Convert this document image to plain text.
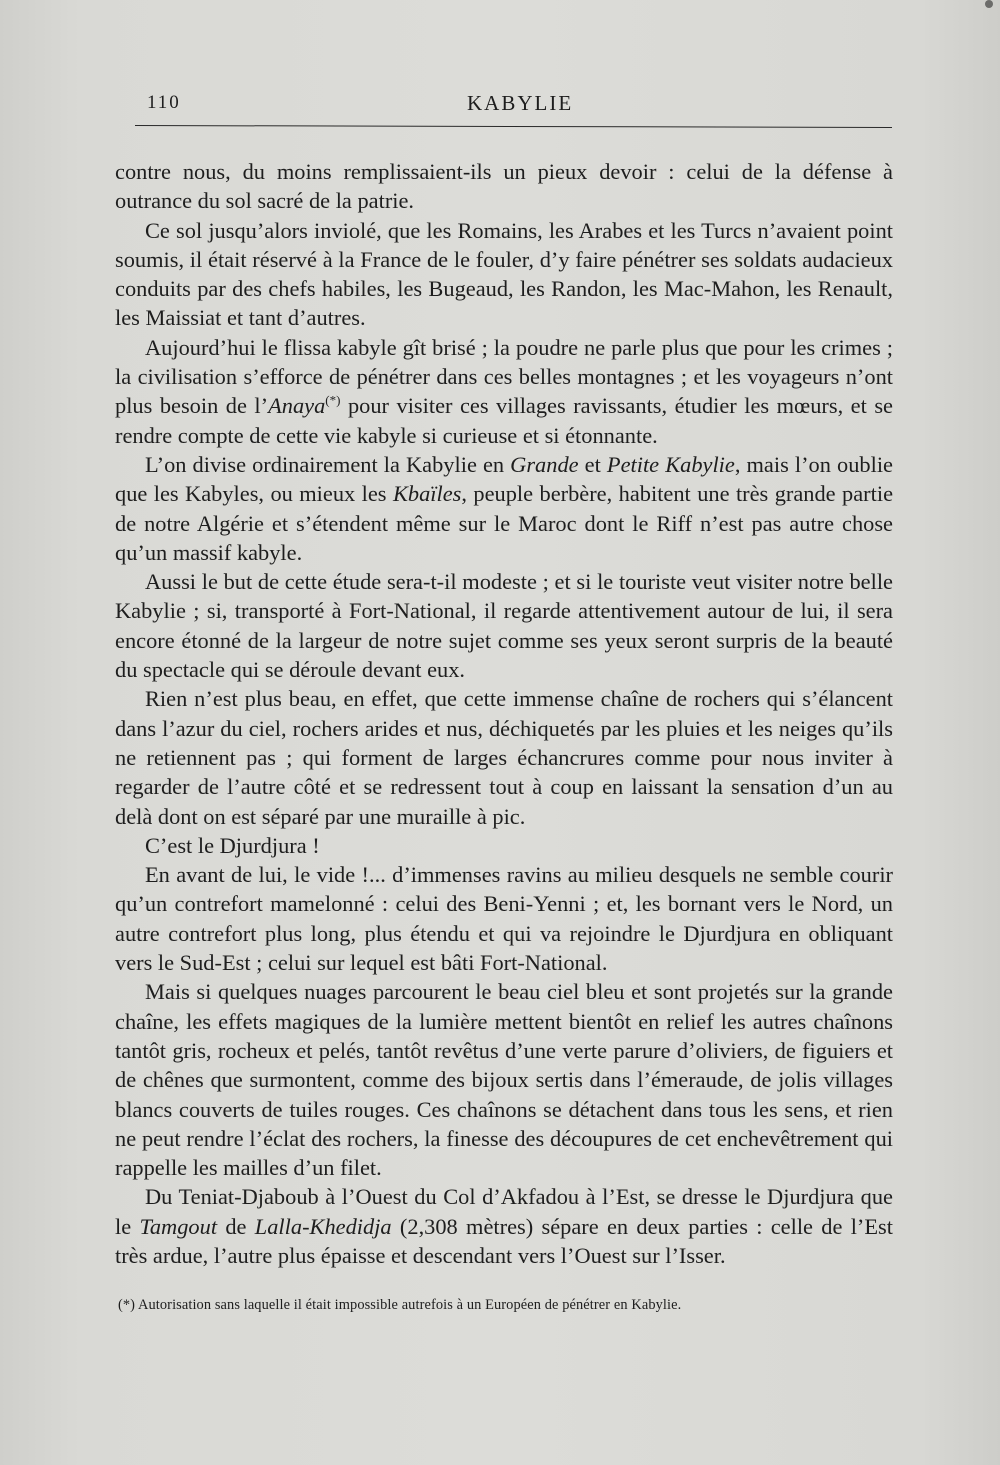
110	KABYLIE

contre nous, du moins remplissaient-ils un pieux devoir : celui de la défense à outrance du sol sacré de la patrie.

Ce sol jusqu’alors inviolé, que les Romains, les Arabes et les Turcs n’avaient point soumis, il était réservé à la France de le fouler, d’y faire pénétrer ses soldats audacieux conduits par des chefs habiles, les Bugeaud, les Randon, les Mac-Mahon, les Renault, les Maissiat et tant d’autres.

Aujourd’hui le flissa kabyle gît brisé ; la poudre ne parle plus que pour les crimes ; la civilisation s’efforce de pénétrer dans ces belles montagnes ; et les voyageurs n’ont plus besoin de l’Anaya(*) pour visiter ces villages ravissants, étudier les mœurs, et se rendre compte de cette vie kabyle si curieuse et si étonnante.

L’on divise ordinairement la Kabylie en Grande et Petite Kabylie, mais l’on oublie que les Kabyles, ou mieux les Kbaïles, peuple berbère, habitent une très grande partie de notre Algérie et s’étendent même sur le Maroc dont le Riff n’est pas autre chose qu’un massif kabyle.

Aussi le but de cette étude sera-t-il modeste ; et si le touriste veut visiter notre belle Kabylie ; si, transporté à Fort-National, il regarde attentivement autour de lui, il sera encore étonné de la largeur de notre sujet comme ses yeux seront surpris de la beauté du spectacle qui se déroule devant eux.

Rien n’est plus beau, en effet, que cette immense chaîne de rochers qui s’élancent dans l’azur du ciel, rochers arides et nus, déchiquetés par les pluies et les neiges qu’ils ne retiennent pas ; qui forment de larges échancrures comme pour nous inviter à regarder de l’autre côté et se redressent tout à coup en laissant la sensation d’un au delà dont on est séparé par une muraille à pic.

C’est le Djurdjura !

En avant de lui, le vide !... d’immenses ravins au milieu desquels ne semble courir qu’un contrefort mamelonné : celui des Beni-Yenni ; et, les bornant vers le Nord, un autre contrefort plus long, plus étendu et qui va rejoindre le Djurdjura en obliquant vers le Sud-Est ; celui sur lequel est bâti Fort-National.

Mais si quelques nuages parcourent le beau ciel bleu et sont projetés sur la grande chaîne, les effets magiques de la lumière mettent bientôt en relief les autres chaînons tantôt gris, rocheux et pelés, tantôt revêtus d’une verte parure d’oliviers, de figuiers et de chênes que surmontent, comme des bijoux sertis dans l’émeraude, de jolis villages blancs couverts de tuiles rouges. Ces chaînons se détachent dans tous les sens, et rien ne peut rendre l’éclat des rochers, la finesse des découpures de cet enchevêtrement qui rappelle les mailles d’un filet.

Du Teniat-Djaboub à l’Ouest du Col d’Akfadou à l’Est, se dresse le Djurdjura que le Tamgout de Lalla-Khedidja (2,308 mètres) sépare en deux parties : celle de l’Est très ardue, l’autre plus épaisse et descendant vers l’Ouest sur l’Isser.

(*) Autorisation sans laquelle il était impossible autrefois à un Européen de pénétrer en Kabylie.
